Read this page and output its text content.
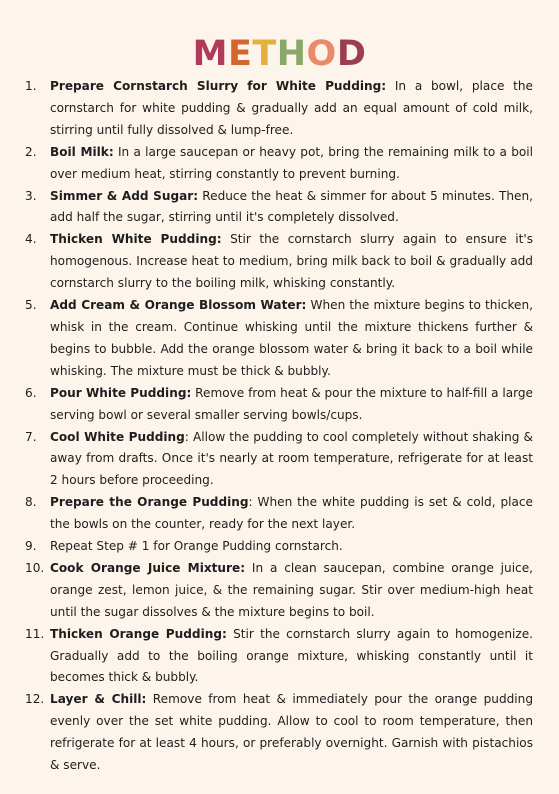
METHOD
1. Prepare Cornstarch Slurry for White Pudding: In a bowl, place the cornstarch for white pudding & gradually add an equal amount of cold milk, stirring until fully dissolved & lump-free.
2. Boil Milk: In a large saucepan or heavy pot, bring the remaining milk to a boil over medium heat, stirring constantly to prevent burning.
3. Simmer & Add Sugar: Reduce the heat & simmer for about 5 minutes. Then, add half the sugar, stirring until it's completely dissolved.
4. Thicken White Pudding: Stir the cornstarch slurry again to ensure it's homogenous. Increase heat to medium, bring milk back to boil & gradually add cornstarch slurry to the boiling milk, whisking constantly.
5. Add Cream & Orange Blossom Water: When the mixture begins to thicken, whisk in the cream. Continue whisking until the mixture thickens further & begins to bubble. Add the orange blossom water & bring it back to a boil while whisking. The mixture must be thick & bubbly.
6. Pour White Pudding: Remove from heat & pour the mixture to half-fill a large serving bowl or several smaller serving bowls/cups.
7. Cool White Pudding: Allow the pudding to cool completely without shaking & away from drafts. Once it's nearly at room temperature, refrigerate for at least 2 hours before proceeding.
8. Prepare the Orange Pudding: When the white pudding is set & cold, place the bowls on the counter, ready for the next layer.
9. Repeat Step # 1 for Orange Pudding cornstarch.
10. Cook Orange Juice Mixture: In a clean saucepan, combine orange juice, orange zest, lemon juice, & the remaining sugar. Stir over medium-high heat until the sugar dissolves & the mixture begins to boil.
11. Thicken Orange Pudding: Stir the cornstarch slurry again to homogenize. Gradually add to the boiling orange mixture, whisking constantly until it becomes thick & bubbly.
12. Layer & Chill: Remove from heat & immediately pour the orange pudding evenly over the set white pudding. Allow to cool to room temperature, then refrigerate for at least 4 hours, or preferably overnight. Garnish with pistachios & serve.
